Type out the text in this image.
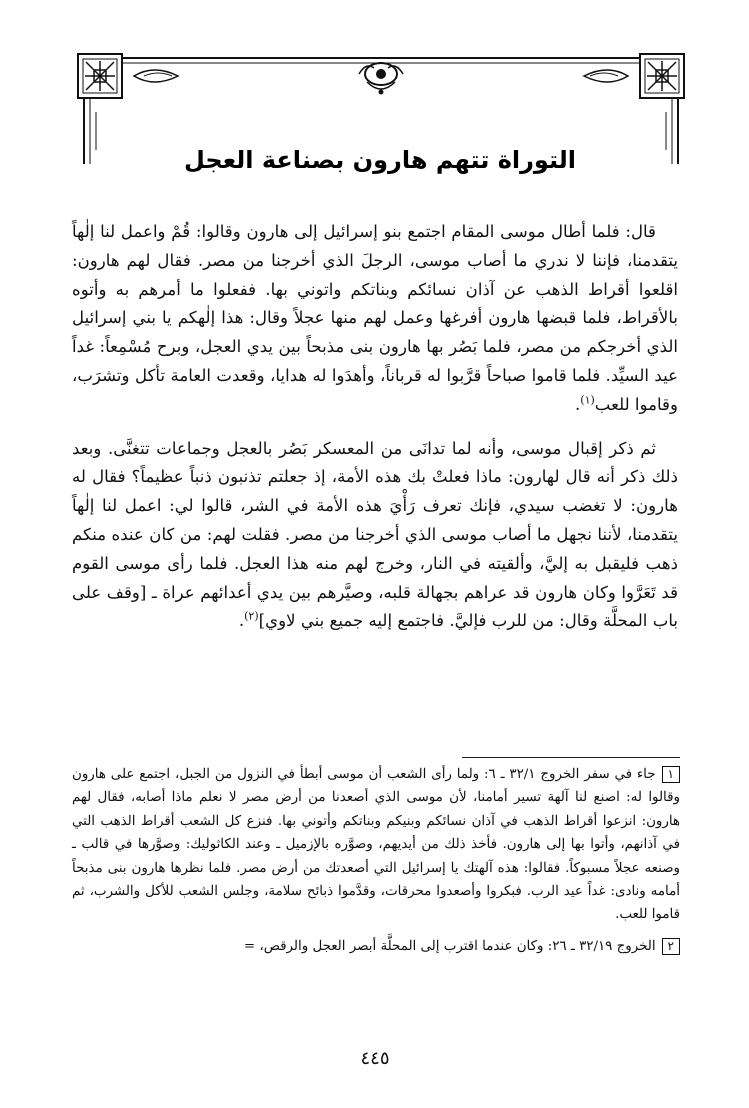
التوراة تتهم هارون بصناعة العجل

قال: فلما أطال موسى المقام اجتمع بنو إسرائيل إلى هارون وقالوا: قُمْ واعمل لنا إلٰهاً يتقدمنا، فإننا لا ندري ما أصاب موسى، الرجلَ الذي أخرجنا من مصر. فقال لهم هارون: اقلعوا أقراط الذهب عن آذان نسائكم وبناتكم واتوني بها. ففعلوا ما أمرهم به وأتوه بالأقراط، فلما قبضها هارون أفرغها وعمل لهم منها عجلاً وقال: هذا إلٰهكم يا بني إسرائيل الذي أخرجكم من مصر، فلما بَصُر بها هارون بنى مذبحاً بين يدي العجل، وبرح مُسْمِعاً: غداً عيد السيِّد. فلما قاموا صباحاً قرَّبوا له قرباناً، وأهدَوا له هدايا، وقعدت العامة تأكل وتشرَب، وقاموا للعب$^{(١)}$.

ثم ذكر إقبال موسى، وأنه لما تدانَى من المعسكر بَصُر بالعجل وجماعات تتغنَّى. وبعد ذلك ذكر أنه قال لهارون: ماذا فعلتْ بك هذه الأمة، إذ جعلتم تذنبون ذنباً عظيماً؟ فقال له هارون: لا تغضب سيدي، فإنك تعرف رَأْيَ هذه الأمة في الشر، قالوا لي: اعمل لنا إلٰهاً يتقدمنا، لأننا نجهل ما أصاب موسى الذي أخرجنا من مصر. فقلت لهم: من كان عنده منكم ذهب فليقبل به إليَّ، وألقيته في النار، وخرج لهم منه هذا العجل. فلما رأى موسى القوم قد تَعَرَّوا وكان هارون قد عراهم بجهالة قلبه، وصيَّرهم بين يدي أعدائهم عراة ـ [وقف على باب المحلَّة وقال: من للرب فإليَّ. فاجتمع إليه جميع بني لاوي]$^{(٢)}$.

١جاء في سفر الخروج ٣٢/١ ـ ٦: ولما رأى الشعب أن موسى أبطأ في النزول من الجبل، اجتمع على هارون وقالوا له: اصنع لنا آلهة تسير أمامنا، لأن موسى الذي أصعدنا من أرض مصر لا نعلم ماذا أصابه، فقال لهم هارون: انزعوا أقراط الذهب في آذان نسائكم وبنيكم وبناتكم وأتوني بها. فنزع كل الشعب أقراط الذهب التي في آذانهم، وأتوا بها إلى هارون. فأخذ ذلك من أيديهم، وصوَّره بالإزميل ـ وعند الكاثوليك: وصوَّرها في قالب ـ وصنعه عجلاً مسبوكاً. فقالوا: هذه آلهتك يا إسرائيل التي أصعدتك من أرض مصر. فلما نظرها هارون بنى مذبحاً أمامه ونادى: غداً عيد الرب. فبكروا وأصعدوا محرقات، وقدَّموا ذبائح سلامة، وجلس الشعب للأكل والشرب، ثم قاموا للعب.

٢الخروج ٣٢/١٩ ـ ٢٦: وكان عندما اقترب إلى المحلَّة أبصر العجل والرقص، =

٤٤٥
